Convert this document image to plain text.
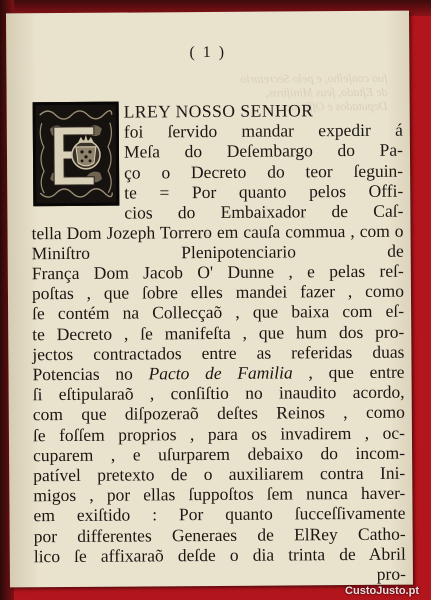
( 1 )
ſuo conſelho, e pelo Secretario de Eſtado, ſeus Miniſtros, Deputados e Officiaes
LREY NOSSO SENHOR
foi ſervido mandar expedir á
Meſa do Deſembargo do Pa-
ço o Decreto do teor ſeguin-
te = Por quanto pelos Offi-
cios do Embaixador de Caſ-
tella Dom Jozeph Torrero em cauſa commua , com o Miniſtro Plenipotenciario de
França Dom Jacob O' Dunne , e pelas reſ-
poſtas , que ſobre elles mandei fazer , como
ſe contém na Collecçaõ , que baixa com eſ-
te Decreto , ſe manifeſta , que hum dos pro-
jectos contractados entre as referidas duas
Potencias no Pacto de Familia , que entre
ſi eſtipularaõ , conſiſtio no inaudito acordo,
com que diſpozeraõ deſtes Reinos , como
ſe foſſem proprios , para os invadirem , oc-
cuparem , e uſurparem debaixo do incom-
patível pretexto de o auxiliarem contra Ini-
migos , por ellas ſuppoſtos ſem nunca haver-
em exiſtido : Por quanto ſucceſſivamente
por differentes Generaes de ElRey Catho-
lico ſe affixaraõ deſde o dia trinta de Abril
pro-
CustoJusto.pt
